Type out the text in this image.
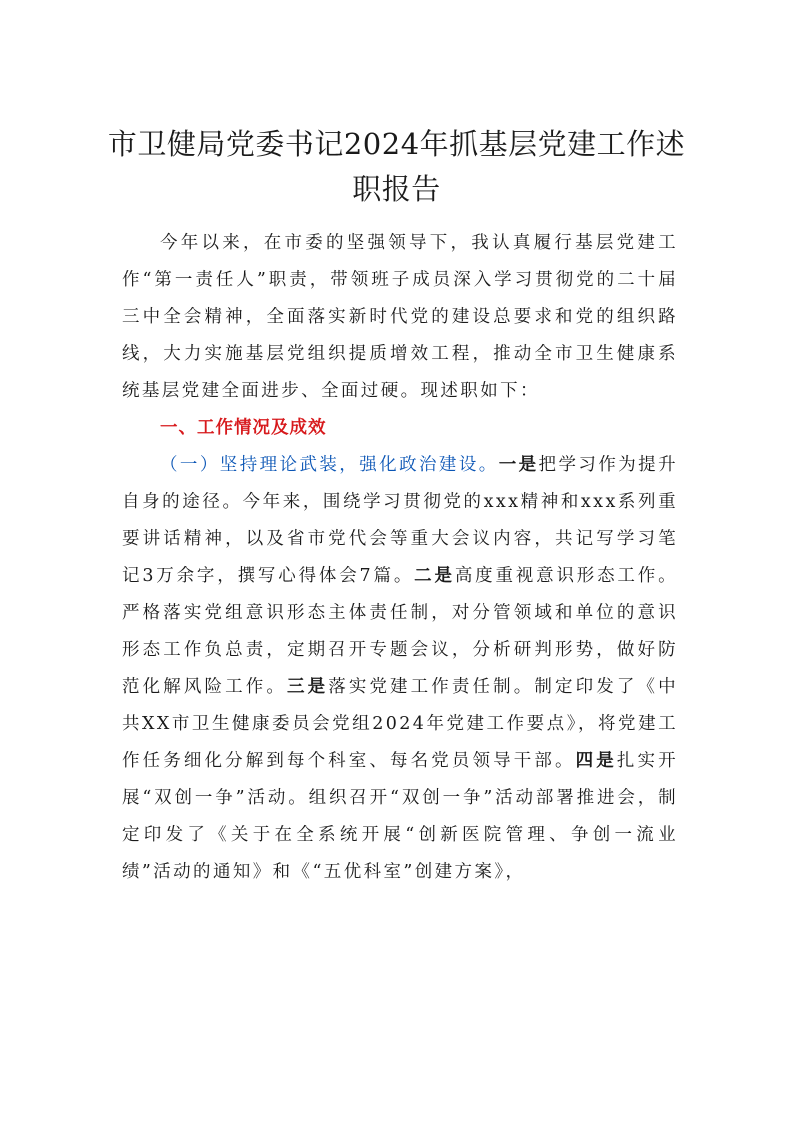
市卫健局党委书记2024年抓基层党建工作述职报告

今年以来，在市委的坚强领导下，我认真履行基层党建工作“第一责任人”职责，带领班子成员深入学习贯彻党的二十届三中全会精神，全面落实新时代党的建设总要求和党的组织路线，大力实施基层党组织提质增效工程，推动全市卫生健康系统基层党建全面进步、全面过硬。现述职如下：

一、工作情况及成效

（一）坚持理论武装，强化政治建设。一是把学习作为提升自身的途径。今年来，围绕学习贯彻党的xxx精神和xxx系列重要讲话精神，以及省市党代会等重大会议内容，共记写学习笔记3万余字，撰写心得体会7篇。二是高度重视意识形态工作。严格落实党组意识形态主体责任制，对分管领域和单位的意识形态工作负总责，定期召开专题会议，分析研判形势，做好防范化解风险工作。三是落实党建工作责任制。制定印发了《中共XX市卫生健康委员会党组2024年党建工作要点》，将党建工作任务细化分解到每个科室、每名党员领导干部。四是扎实开展“双创一争”活动。组织召开“双创一争”活动部署推进会，制定印发了《关于在全系统开展“创新医院管理、争创一流业绩”活动的通知》和《“五优科室”创建方案》，
